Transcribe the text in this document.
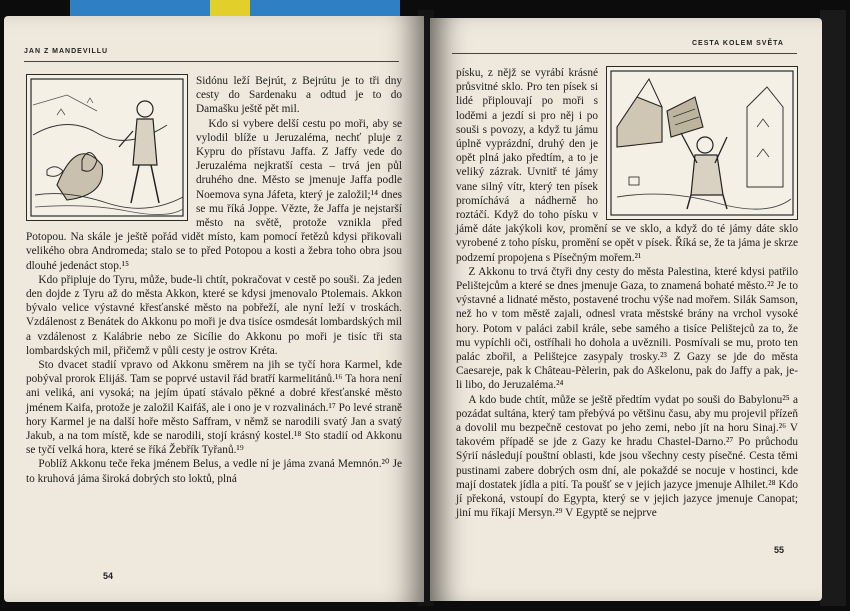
JAN Z MANDEVILLU

Sidónu leží Bejrút, z Bejrútu je to tři dny cesty do Sardenaku a odtud je to do Damašku ještě pět mil.

Kdo si vybere delší cestu po moři, aby se vylodil blíže u Jeruzaléma, nechť pluje z Kypru do přístavu Jaffa. Z Jaffy vede do Jeruzaléma nejkratší cesta – trvá jen půl druhého dne. Město se jmenuje Jaffa podle Noemova syna Jáfeta, který je založil;¹⁴ dnes se mu říká Joppe. Vězte, že Jaffa je nejstarší město na světě, protože vznikla před Potopou. Na skále je ještě pořád vidět místo, kam pomocí řetězů kdysi přikovali velikého obra Andromeda; stalo se to před Potopou a kosti a žebra toho obra jsou dlouhé jedenáct stop.¹⁵

Kdo připluje do Tyru, může, bude-li chtít, pokračovat v cestě po souši. Za jeden den dojde z Tyru až do města Akkon, které se kdysi jmenovalo Ptolemais. Akkon bývalo velice výstavné křesťanské město na pobřeží, ale nyní leží v troskách. Vzdálenost z Benátek do Akkonu po moři je dva tisíce osmdesát lombardských mil a vzdálenost z Kalábrie nebo ze Sicílie do Akkonu po moři je tisíc tři sta lombardských mil, přičemž v půli cesty je ostrov Kréta.

Sto dvacet stadií vpravo od Akkonu směrem na jih se tyčí hora Karmel, kde pobýval prorok Elijáš. Tam se poprvé ustavil řád bratří karmelitánů.¹⁶ Ta hora není ani veliká, ani vysoká; na jejím úpatí stávalo pěkné a dobré křesťanské město jménem Kaifa, protože je založil Kaifáš, ale i ono je v rozvalinách.¹⁷ Po levé straně hory Karmel je na další hoře město Saffram, v němž se narodili svatý Jan a svatý Jakub, a na tom místě, kde se narodili, stojí krásný kostel.¹⁸ Sto stadií od Akkonu se tyčí velká hora, které se říká Žebřík Tyřanů.¹⁹

Poblíž Akkonu teče řeka jménem Belus, a vedle ní je jáma zvaná Memnón.²⁰ Je to kruhová jáma široká dobrých sto loktů, plná

54
CESTA KOLEM SVĚTA

písku, z nějž se vyrábí krásné průsvitné sklo. Pro ten písek si lidé připlouvají po moři s loděmi a jezdí si pro něj i po souši s povozy, a když tu jámu úplně vyprázdní, druhý den je opět plná jako předtím, a to je veliký zázrak. Uvnitř té jámy vane silný vítr, který ten písek promíchává a nádherně ho roztáčí. Když do toho písku v jámě dáte jakýkoli kov, promění se ve sklo, a když do té jámy dáte sklo vyrobené z toho písku, promění se opět v písek. Říká se, že ta jáma je skrze podzemí propojena s Písečným mořem.²¹

Z Akkonu to trvá čtyři dny cesty do města Palestina, které kdysi patřilo Pelištejcům a které se dnes jmenuje Gaza, to znamená bohaté město.²² Je to výstavné a lidnaté město, postavené trochu výše nad mořem. Silák Samson, než ho v tom městě zajali, odnesl vrata městské brány na vrchol vysoké hory. Potom v paláci zabil krále, sebe samého a tisíce Pelištejců za to, že mu vypíchli oči, ostříhali ho dohola a uvěznili. Posmívali se mu, proto ten palác zbořil, a Pelištejce zasypaly trosky.²³ Z Gazy se jde do města Caesareje, pak k Château-Pèlerin, pak do Aškelonu, pak do Jaffy a pak, je-li libo, do Jeruzaléma.²⁴

A kdo bude chtít, může se ještě předtím vydat po souši do Babylonu²⁵ a pozádat sultána, který tam přebývá po většinu času, aby mu projevil přízeň a dovolil mu bezpečně cestovat po jeho zemi, nebo jít na horu Sinaj.²⁶ V takovém případě se jde z Gazy ke hradu Chastel-Darno.²⁷ Po průchodu Sýrií následují pouštní oblasti, kde jsou všechny cesty písečné. Cesta těmi pustinami zabere dobrých osm dní, ale pokaždé se nocuje v hostinci, kde mají dostatek jídla a pití. Ta poušť se v jejich jazyce jmenuje Alhilet.²⁸ Kdo jí překoná, vstoupí do Egypta, který se v jejich jazyce jmenuje Canopat; jiní mu říkají Mersyn.²⁹ V Egyptě se nejprve

55
